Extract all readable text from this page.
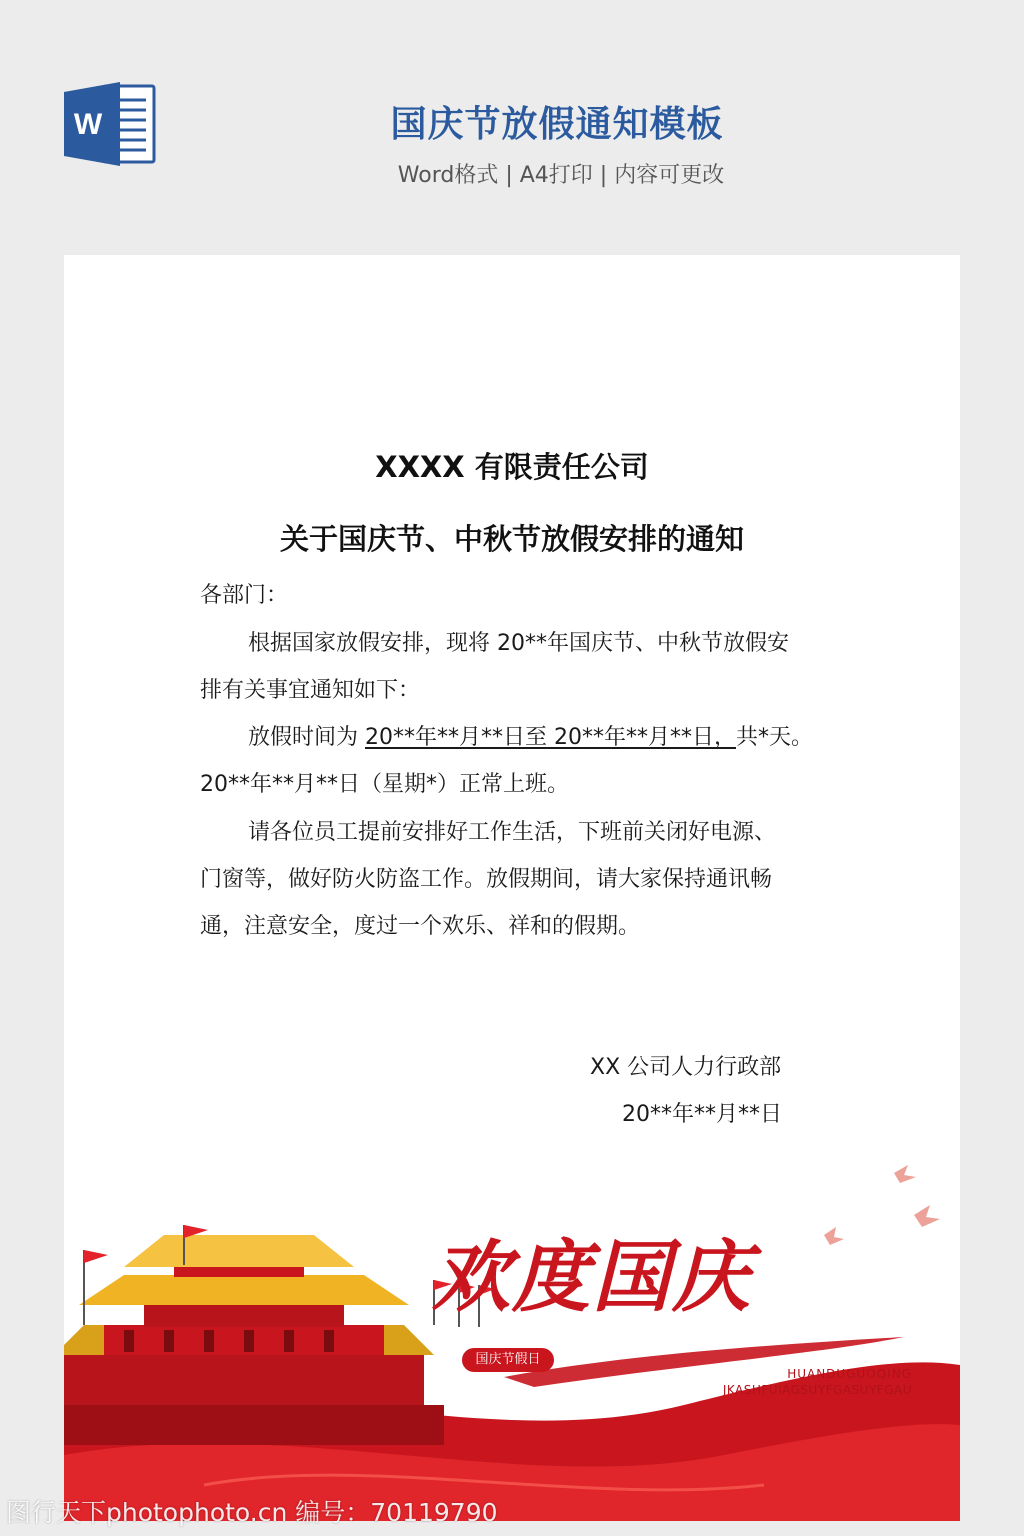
W	国庆节放假通知模板
Word格式 | A4打印 | 内容可更改
XXXX 有限责任公司
关于国庆节、中秋节放假安排的通知
各部门：
根据国家放假安排，现将 20**年国庆节、中秋节放假安
排有关事宜通知如下：
放假时间为 20**年**月**日至 20**年**月**日，共*天。
20**年**月**日（星期*）正常上班。
请各位员工提前安排好工作生活，下班前关闭好电源、
门窗等，做好防火防盗工作。放假期间，请大家保持通讯畅
通，注意安全，度过一个欢乐、祥和的假期。
XX 公司人力行政部
20**年**月**日
欢度国庆
国庆节假日
HUANDUGUOQING
JKASHFUIAGSUYFGASUYFGAU
图行天下photophoto.cn 编号：70119790
